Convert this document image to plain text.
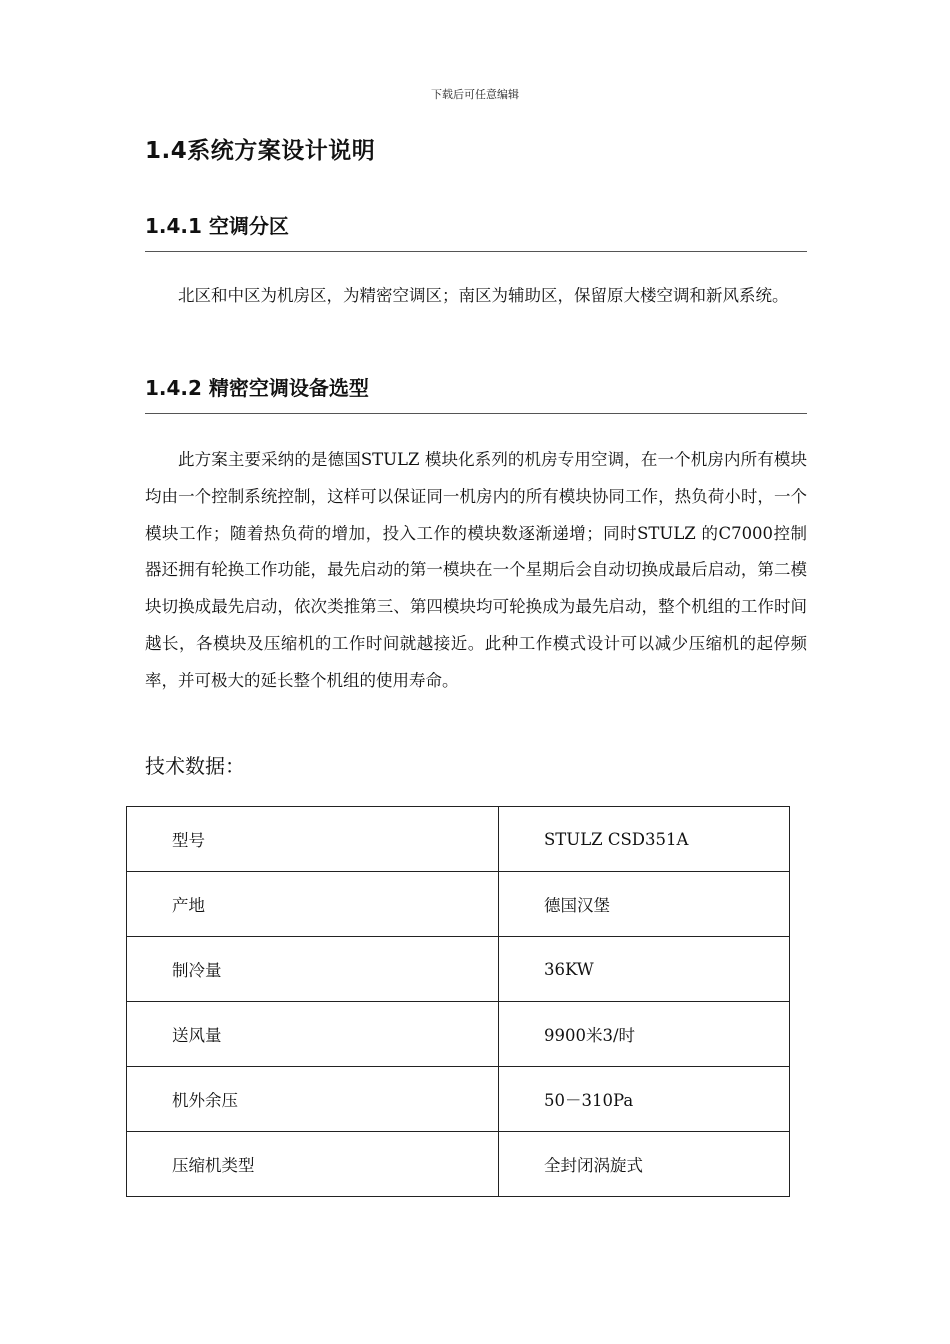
下载后可任意编辑
1.4系统方案设计说明
1.4.1 空调分区

北区和中区为机房区，为精密空调区；南区为辅助区，保留原大楼空调和新风系统。

1.4.2 精密空调设备选型

此方案主要采纳的是德国STULZ 模块化系列的机房专用空调，在一个机房内所有模块均由一个控制系统控制，这样可以保证同一机房内的所有模块协同工作，热负荷小时，一个模块工作；随着热负荷的增加，投入工作的模块数逐渐递增；同时STULZ 的C7000控制器还拥有轮换工作功能，最先启动的第一模块在一个星期后会自动切换成最后启动，第二模块切换成最先启动，依次类推第三、第四模块均可轮换成为最先启动，整个机组的工作时间越长，各模块及压缩机的工作时间就越接近。此种工作模式设计可以减少压缩机的起停频率，并可极大的延长整个机组的使用寿命。

技术数据：

型号	STULZ CSD351A
产地	德国汉堡
制冷量	36KW
送风量	9900米3/时
机外余压	50－310Pa
压缩机类型	全封闭涡旋式
